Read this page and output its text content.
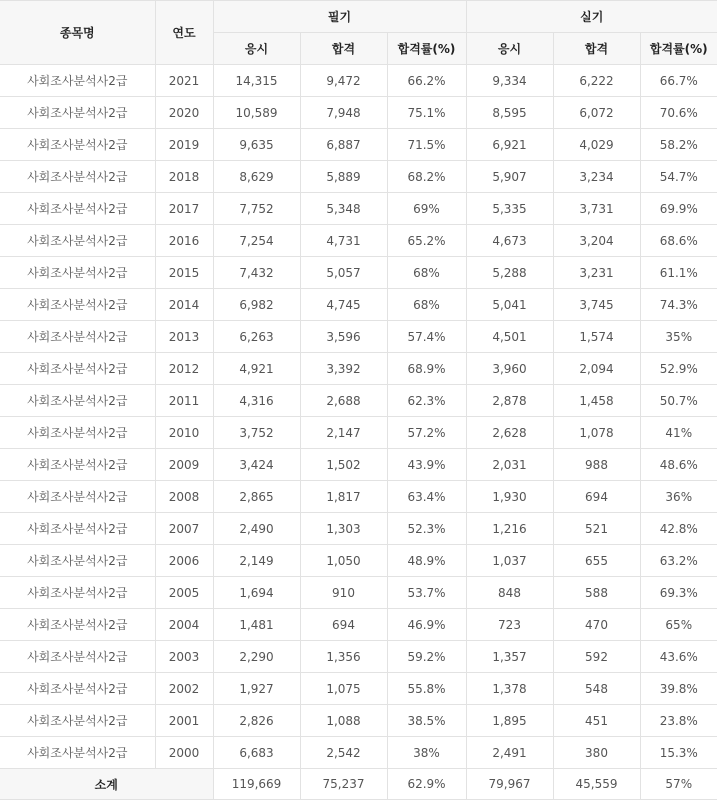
종목명	연도	필기			실기		
		응시	합격	합격률(%)	응시	합격	합격률(%)
사회조사분석사2급	2021	14,315	9,472	66.2%	9,334	6,222	66.7%
사회조사분석사2급	2020	10,589	7,948	75.1%	8,595	6,072	70.6%
사회조사분석사2급	2019	9,635	6,887	71.5%	6,921	4,029	58.2%
사회조사분석사2급	2018	8,629	5,889	68.2%	5,907	3,234	54.7%
사회조사분석사2급	2017	7,752	5,348	69%	5,335	3,731	69.9%
사회조사분석사2급	2016	7,254	4,731	65.2%	4,673	3,204	68.6%
사회조사분석사2급	2015	7,432	5,057	68%	5,288	3,231	61.1%
사회조사분석사2급	2014	6,982	4,745	68%	5,041	3,745	74.3%
사회조사분석사2급	2013	6,263	3,596	57.4%	4,501	1,574	35%
사회조사분석사2급	2012	4,921	3,392	68.9%	3,960	2,094	52.9%
사회조사분석사2급	2011	4,316	2,688	62.3%	2,878	1,458	50.7%
사회조사분석사2급	2010	3,752	2,147	57.2%	2,628	1,078	41%
사회조사분석사2급	2009	3,424	1,502	43.9%	2,031	988	48.6%
사회조사분석사2급	2008	2,865	1,817	63.4%	1,930	694	36%
사회조사분석사2급	2007	2,490	1,303	52.3%	1,216	521	42.8%
사회조사분석사2급	2006	2,149	1,050	48.9%	1,037	655	63.2%
사회조사분석사2급	2005	1,694	910	53.7%	848	588	69.3%
사회조사분석사2급	2004	1,481	694	46.9%	723	470	65%
사회조사분석사2급	2003	2,290	1,356	59.2%	1,357	592	43.6%
사회조사분석사2급	2002	1,927	1,075	55.8%	1,378	548	39.8%
사회조사분석사2급	2001	2,826	1,088	38.5%	1,895	451	23.8%
사회조사분석사2급	2000	6,683	2,542	38%	2,491	380	15.3%
소계		119,669	75,237	62.9%	79,967	45,559	57%
